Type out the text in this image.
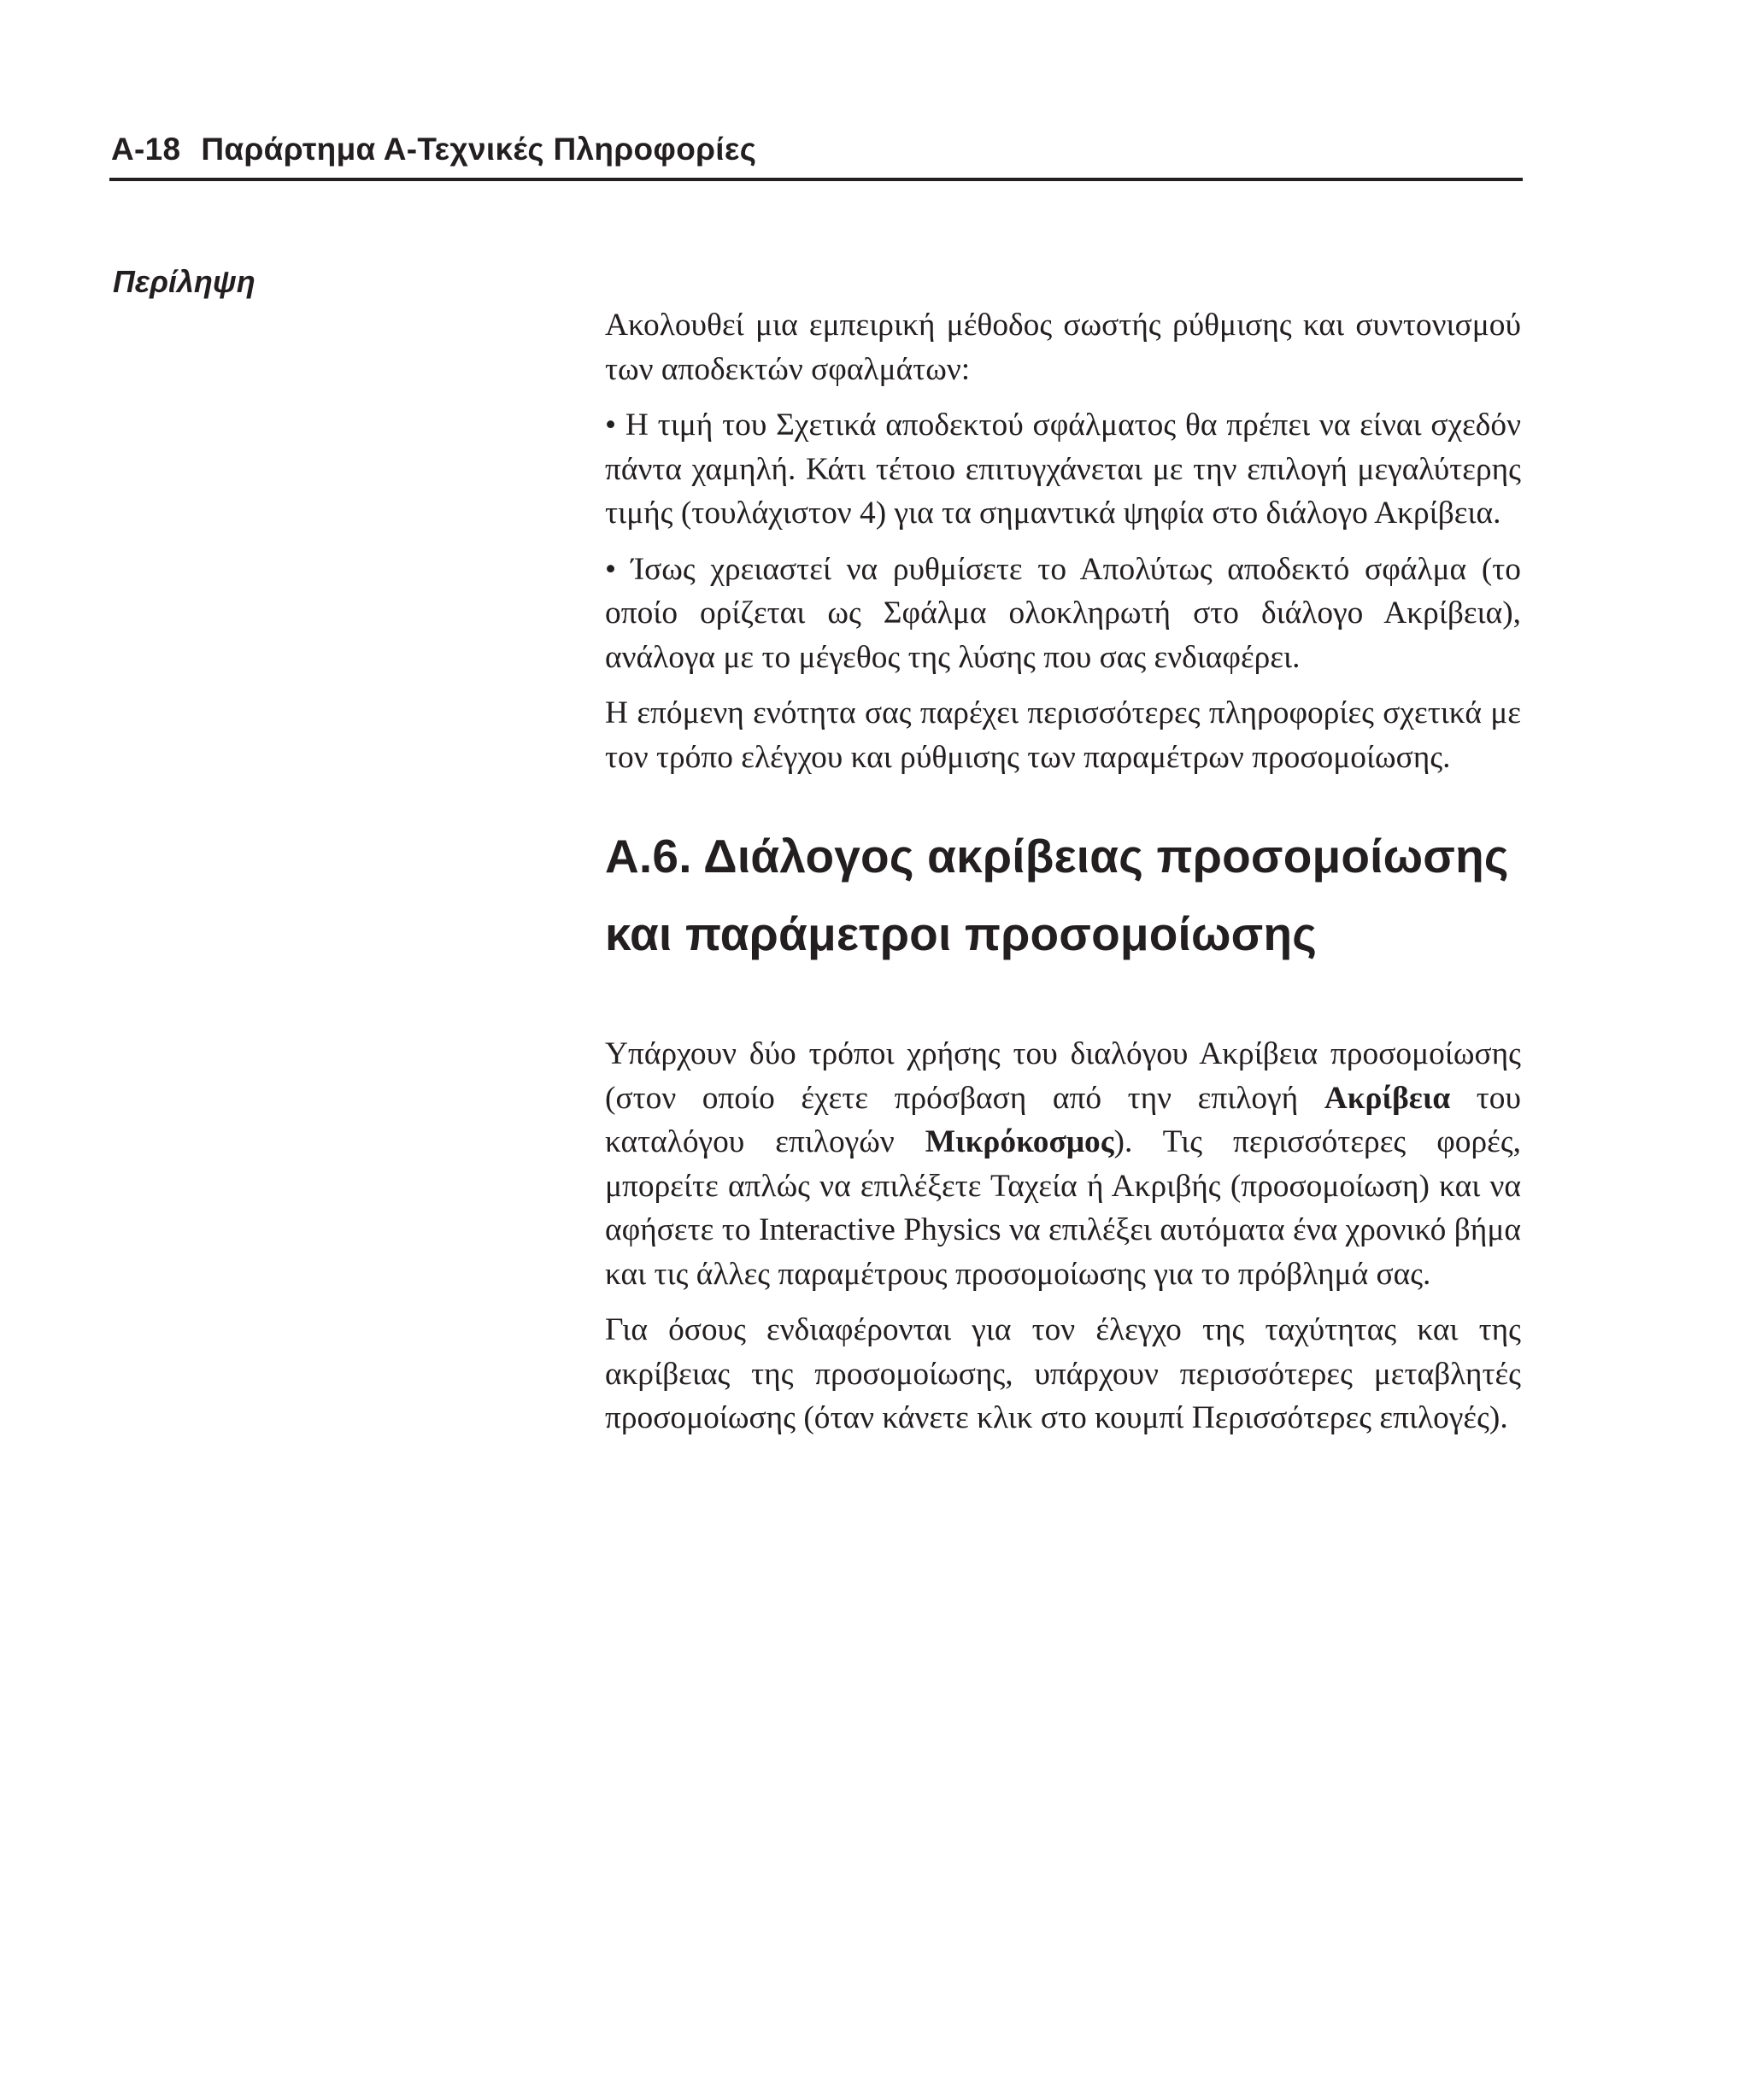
A-18 Παράρτημα Α-Τεχνικές Πληροφορίες
Περίληψη

Ακολουθεί μια εμπειρική μέθοδος σωστής ρύθμισης και συντονισμού των αποδεκτών σφαλμάτων:

• Η τιμή του Σχετικά αποδεκτού σφάλματος θα πρέπει να είναι σχεδόν πάντα χαμηλή. Κάτι τέτοιο επιτυγχάνεται με την επιλογή μεγαλύτερης τιμής (τουλάχιστον 4) για τα σημαντικά ψηφία στο διάλογο Ακρίβεια.

• Ίσως χρειαστεί να ρυθμίσετε το Απολύτως αποδεκτό σφάλμα (το οποίο ορίζεται ως Σφάλμα ολοκληρωτή στο διάλογο Ακρίβεια), ανάλογα με το μέγεθος της λύσης που σας ενδιαφέρει.

Η επόμενη ενότητα σας παρέχει περισσότερες πληροφορίες σχετικά με τον τρόπο ελέγχου και ρύθμισης των παραμέτρων προσομοίωσης.

Α.6. Διάλογος ακρίβειας προσομοίωσης
και παράμετροι προσομοίωσης

Υπάρχουν δύο τρόποι χρήσης του διαλόγου Ακρίβεια προσομοίωσης (στον οποίο έχετε πρόσβαση από την επιλογή Ακρίβεια του καταλόγου επιλογών Μικρόκοσμος). Τις περισσότερες φορές, μπορείτε απλώς να επιλέξετε Ταχεία ή Ακριβής (προσομοίωση) και να αφήσετε το Interactive Physics να επιλέξει αυτόματα ένα χρονικό βήμα και τις άλλες παραμέτρους προσομοίωσης για το πρόβλημά σας.

Για όσους ενδιαφέρονται για τον έλεγχο της ταχύτητας και της ακρίβειας της προσομοίωσης, υπάρχουν περισσότερες μεταβλητές προσομοίωσης (όταν κάνετε κλικ στο κουμπί Περισσότερες επιλογές).
